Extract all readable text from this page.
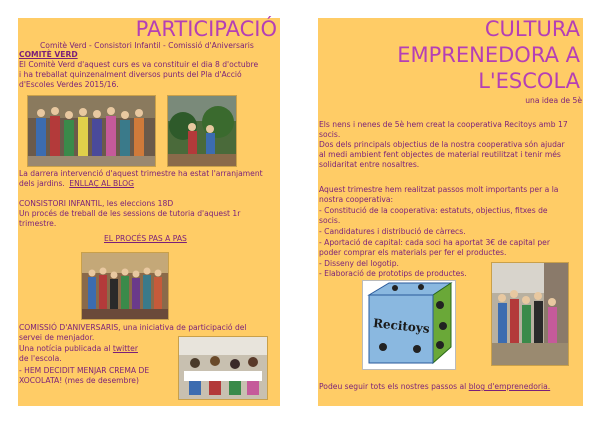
PARTICIPACIÓ
Comitè Verd - Consistori Infantil - Comissió d'Aniversaris
COMITÈ VERD
El Comitè Verd d'aquest curs es va constituir el dia 8 d'octubre
i ha treballat quinzenalment diversos punts del Pla d'Acció
d'Escoles Verdes 2015/16.
La darrera intervenció d'aquest trimestre ha estat l'arranjament
dels jardins. ENLLAÇ AL BLOG
CONSISTORI INFANTIL, les eleccions 18D
Un procés de treball de les sessions de tutoria d'aquest 1r
trimestre.
EL PROCÉS PAS A PAS
COMISSIÓ D'ANIVERSARIS, una iniciativa de participació del
servei de menjador.
Una notícia publicada al twitter
de l'escola.
- HEM DECIDIT MENJAR CREMA DE
XOCOLATA! (mes de desembre)
CULTURA
EMPRENEDORA A
L'ESCOLA
una idea de 5è
Els nens i nenes de 5è hem creat la cooperativa Recitoys amb 17
socis.
Dos dels principals objectius de la nostra cooperativa són ajudar
al medi ambient fent objectes de material reutilitzat i tenir més
solidaritat entre nosaltres.
Aquest trimestre hem realitzat passos molt importants per a la
nostra cooperativa:
- Constitució de la cooperativa: estatuts, objectius, fitxes de
socis.
- Candidatures i distribució de càrrecs.
- Aportació de capital: cada soci ha aportat 3€ de capital per
poder comprar els materials per fer el productes.
- Disseny del logotip.
- Elaboració de prototips de productes.
Recitoys
Podeu seguir tots els nostres passos al blog d'emprenedoria.
